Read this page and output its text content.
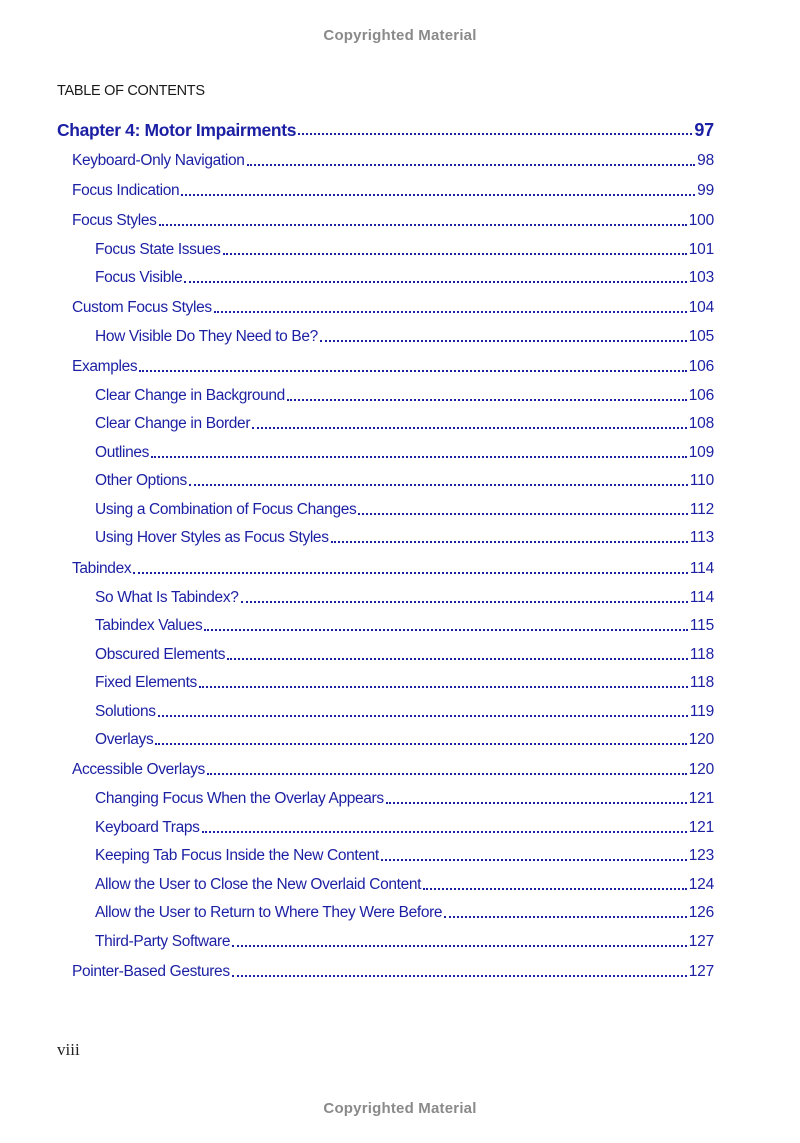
Copyrighted Material
TABLE OF CONTENTS
Chapter 4: Motor Impairments	97
Keyboard-Only Navigation	98
Focus Indication	99
Focus Styles	100
Focus State Issues	101
Focus Visible	103
Custom Focus Styles	104
How Visible Do They Need to Be?	105
Examples	106
Clear Change in Background	106
Clear Change in Border	108
Outlines	109
Other Options	110
Using a Combination of Focus Changes	112
Using Hover Styles as Focus Styles	113
Tabindex	114
So What Is Tabindex?	114
Tabindex Values	115
Obscured Elements	118
Fixed Elements	118
Solutions	119
Overlays	120
Accessible Overlays	120
Changing Focus When the Overlay Appears	121
Keyboard Traps	121
Keeping Tab Focus Inside the New Content	123
Allow the User to Close the New Overlaid Content	124
Allow the User to Return to Where They Were Before	126
Third-Party Software	127
Pointer-Based Gestures	127
viii
Copyrighted Material
